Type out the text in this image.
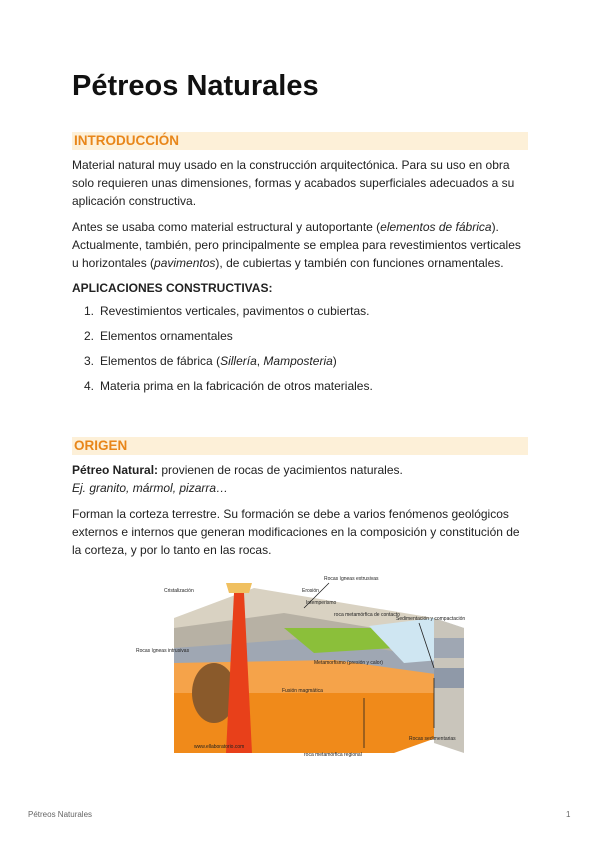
Pétreos Naturales
INTRODUCCIÓN

Material natural muy usado en la construcción arquitectónica. Para su uso en obra solo requieren unas dimensiones, formas y acabados superficiales adecuados a su aplicación constructiva.

Antes se usaba como material estructural y autoportante (elementos de fábrica). Actualmente, también, pero principalmente se emplea para revestimientos verticales u horizontales (pavimentos), de cubiertas y también con funciones ornamentales.

APLICACIONES CONSTRUCTIVAS:

1. Revestimientos verticales, pavimentos o cubiertas.
2. Elementos ornamentales
3. Elementos de fábrica (Sillería, Mamposteria)
4. Materia prima en la fabricación de otros materiales.
ORIGEN

Pétreo Natural: provienen de rocas de yacimientos naturales.

Ej. granito, mármol, pizarra…

Forman la corteza terrestre. Su formación se debe a varios fenómenos geológicos externos e internos que generan modificaciones en la composición y constitución de la corteza, y por lo tanto en las rocas.

Cristalización
Rocas ígneas extrusivas
Erosión
Intemperismo
roca metamórfica de contacto
Sedimentación y compactación
Rocas ígneas intrusivas
Metamorfismo (presión y calor)
Fusión magmática
Rocas sedimentarias
roca metamórfica regional
www.ellaboratorio.com
Pétreos Naturales	1
